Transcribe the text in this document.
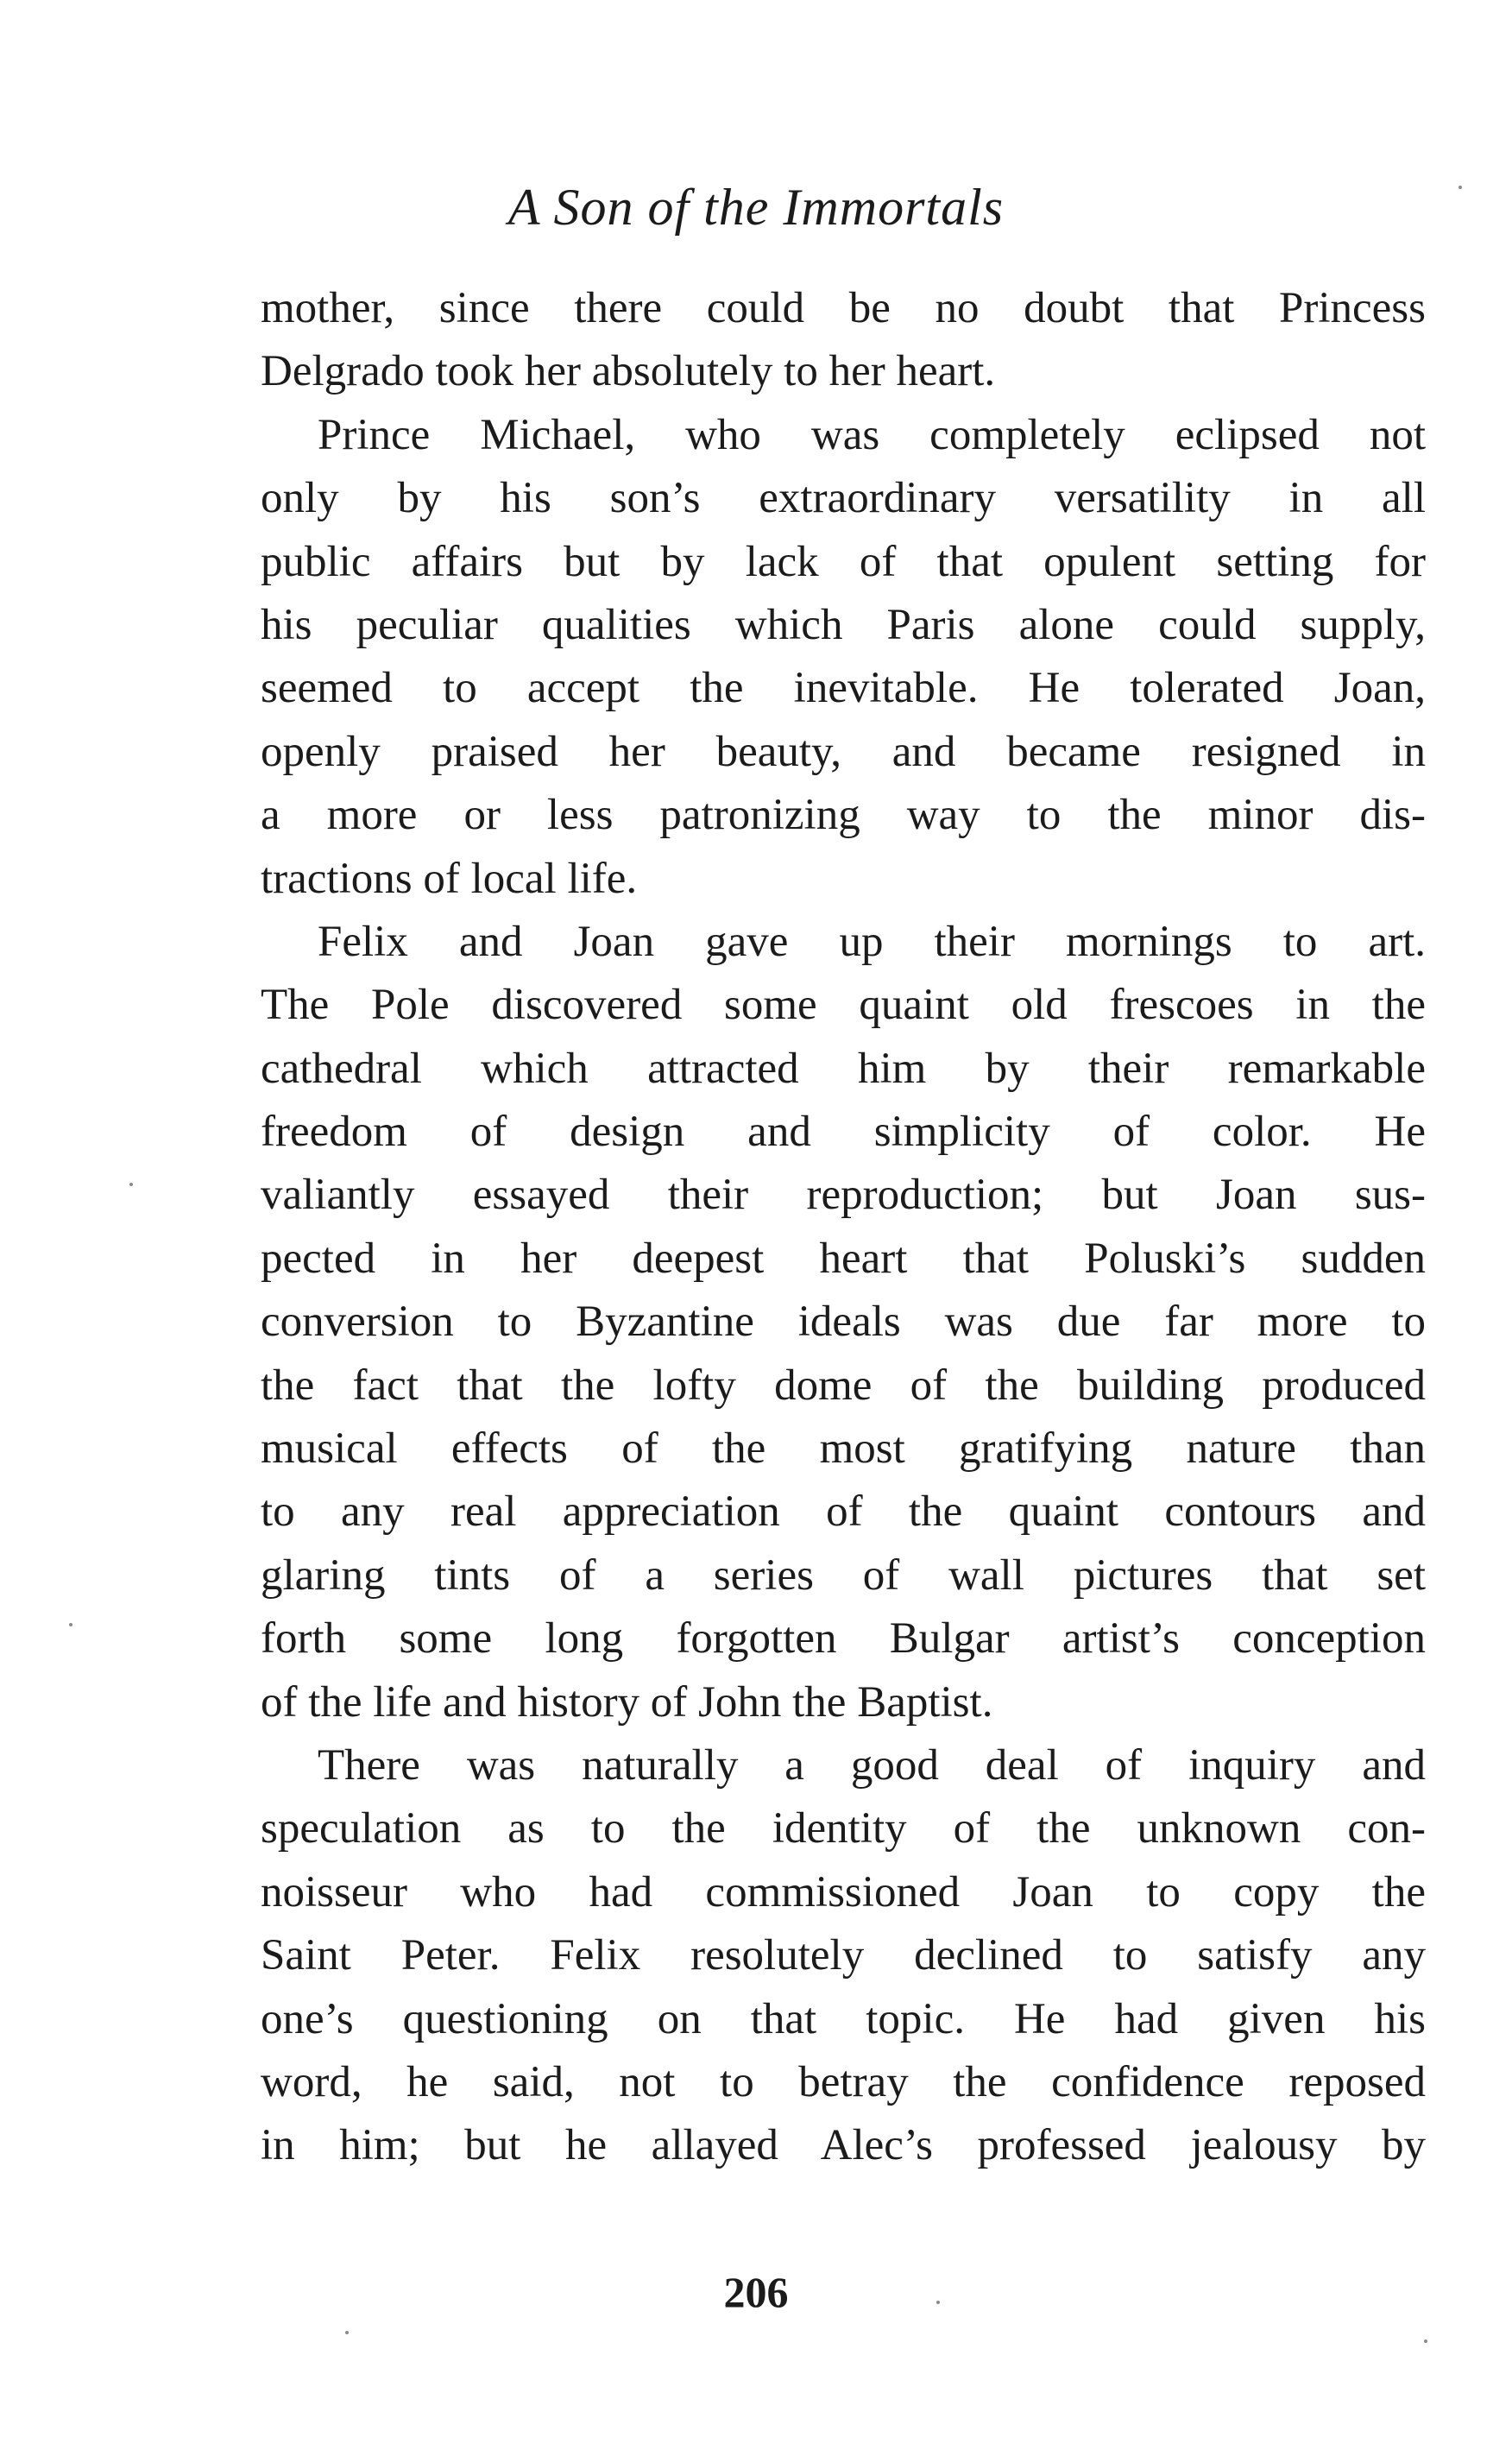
A Son of the Immortals
mother, since there could be no doubt that Princess
Delgrado took her absolutely to her heart.
Prince Michael, who was completely eclipsed not
only by his son’s extraordinary versatility in all
public affairs but by lack of that opulent setting for
his peculiar qualities which Paris alone could supply,
seemed to accept the inevitable. He tolerated Joan,
openly praised her beauty, and became resigned in
a more or less patronizing way to the minor dis-
tractions of local life.
Felix and Joan gave up their mornings to art.
The Pole discovered some quaint old frescoes in the
cathedral which attracted him by their remarkable
freedom of design and simplicity of color. He
valiantly essayed their reproduction; but Joan sus-
pected in her deepest heart that Poluski’s sudden
conversion to Byzantine ideals was due far more to
the fact that the lofty dome of the building produced
musical effects of the most gratifying nature than
to any real appreciation of the quaint contours and
glaring tints of a series of wall pictures that set
forth some long forgotten Bulgar artist’s conception
of the life and history of John the Baptist.
There was naturally a good deal of inquiry and
speculation as to the identity of the unknown con-
noisseur who had commissioned Joan to copy the
Saint Peter. Felix resolutely declined to satisfy any
one’s questioning on that topic. He had given his
word, he said, not to betray the confidence reposed
in him; but he allayed Alec’s professed jealousy by
206
